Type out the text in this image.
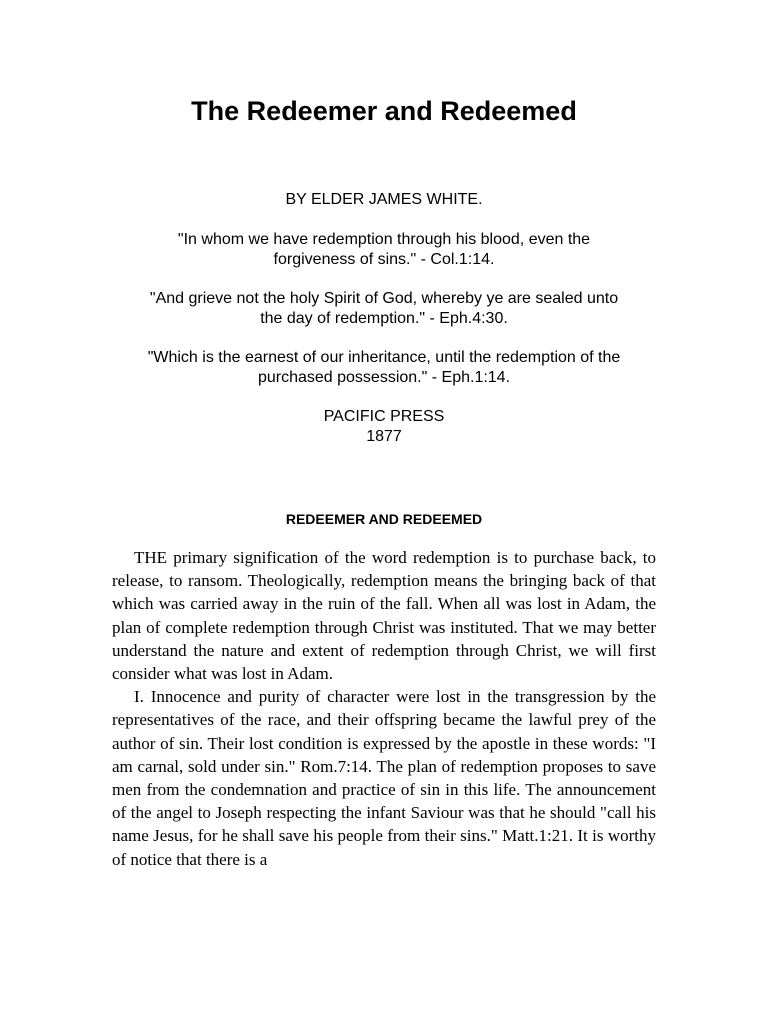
The Redeemer and Redeemed
BY ELDER JAMES WHITE.
"In whom we have redemption through his blood, even the
forgiveness of sins." - Col.1:14.
"And grieve not the holy Spirit of God, whereby ye are sealed unto
the day of redemption." - Eph.4:30.
"Which is the earnest of our inheritance, until the redemption of the
purchased possession." - Eph.1:14.
PACIFIC PRESS
1877
REDEEMER AND REDEEMED

THE primary signification of the word redemption is to purchase back, to release, to ransom. Theologically, redemption means the bringing back of that which was carried away in the ruin of the fall. When all was lost in Adam, the plan of complete redemption through Christ was instituted. That we may better understand the nature and extent of redemption through Christ, we will first consider what was lost in Adam.

I. Innocence and purity of character were lost in the transgression by the representatives of the race, and their offspring became the lawful prey of the author of sin. Their lost condition is expressed by the apostle in these words: "I am carnal, sold under sin." Rom.7:14. The plan of redemption proposes to save men from the condemnation and practice of sin in this life. The announcement of the angel to Joseph respecting the infant Saviour was that he should "call his name Jesus, for he shall save his people from their sins." Matt.1:21. It is worthy of notice that there is a
